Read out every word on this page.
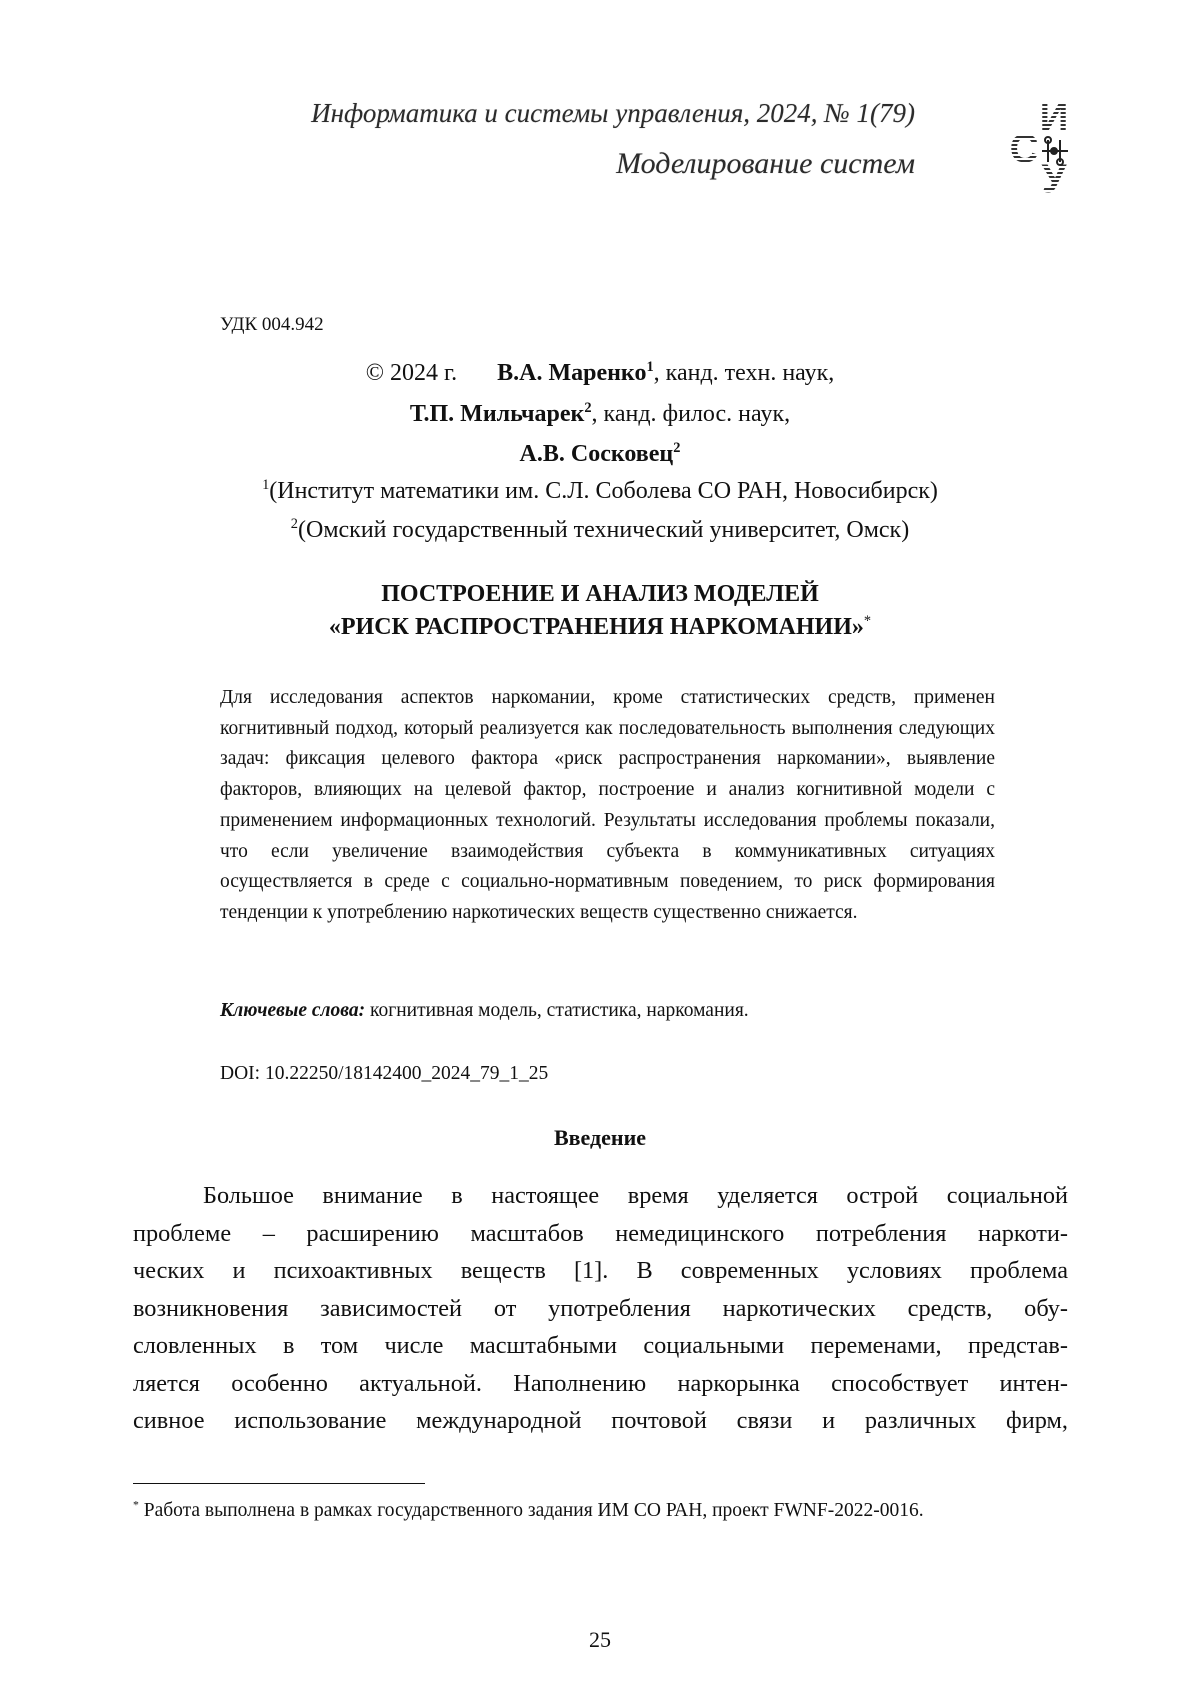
Информатика и системы управления, 2024, № 1(79)
Моделирование систем
И
С
У
УДК 004.942
© 2024 г. В.А. Маренко$^1$, канд. техн. наук,
Т.П. Мильчарек$^2$, канд. филос. наук,
А.В. Сосковец$^2$
$^1$(Институт математики им. С.Л. Соболева СО РАН, Новосибирск)
$^2$(Омский государственный технический университет, Омск)
ПОСТРОЕНИЕ И АНАЛИЗ МОДЕЛЕЙ
«РИСК РАСПРОСТРАНЕНИЯ НАРКОМАНИИ»*
Для исследования аспектов наркомании, кроме статистических средств, применен когнитивный подход, который реализуется как последовательность выполнения следующих задач: фиксация целевого фактора «риск распространения наркомании», выявление факторов, влияющих на целевой фактор, построение и анализ когнитивной модели с применением информационных технологий. Результаты исследования проблемы показали, что если увеличение взаимодействия субъекта в коммуникативных ситуациях осуществляется в среде с социально-нормативным поведением, то риск формирования тенденции к употреблению наркотических веществ существенно снижается.
Ключевые слова: когнитивная модель, статистика, наркомания.
DOI: 10.22250/18142400_2024_79_1_25
Введение
Большое внимание в настоящее время уделяется острой социальной
проблеме – расширению масштабов немедицинского потребления наркоти-
ческих и психоактивных веществ [1]. В современных условиях проблема
возникновения зависимостей от употребления наркотических средств, обу-
словленных в том числе масштабными социальными переменами, представ-
ляется особенно актуальной. Наполнению наркорынка способствует интен-
сивное использование международной почтовой связи и различных фирм,
* Работа выполнена в рамках государственного задания ИМ СО РАН, проект FWNF-2022-0016.
25
